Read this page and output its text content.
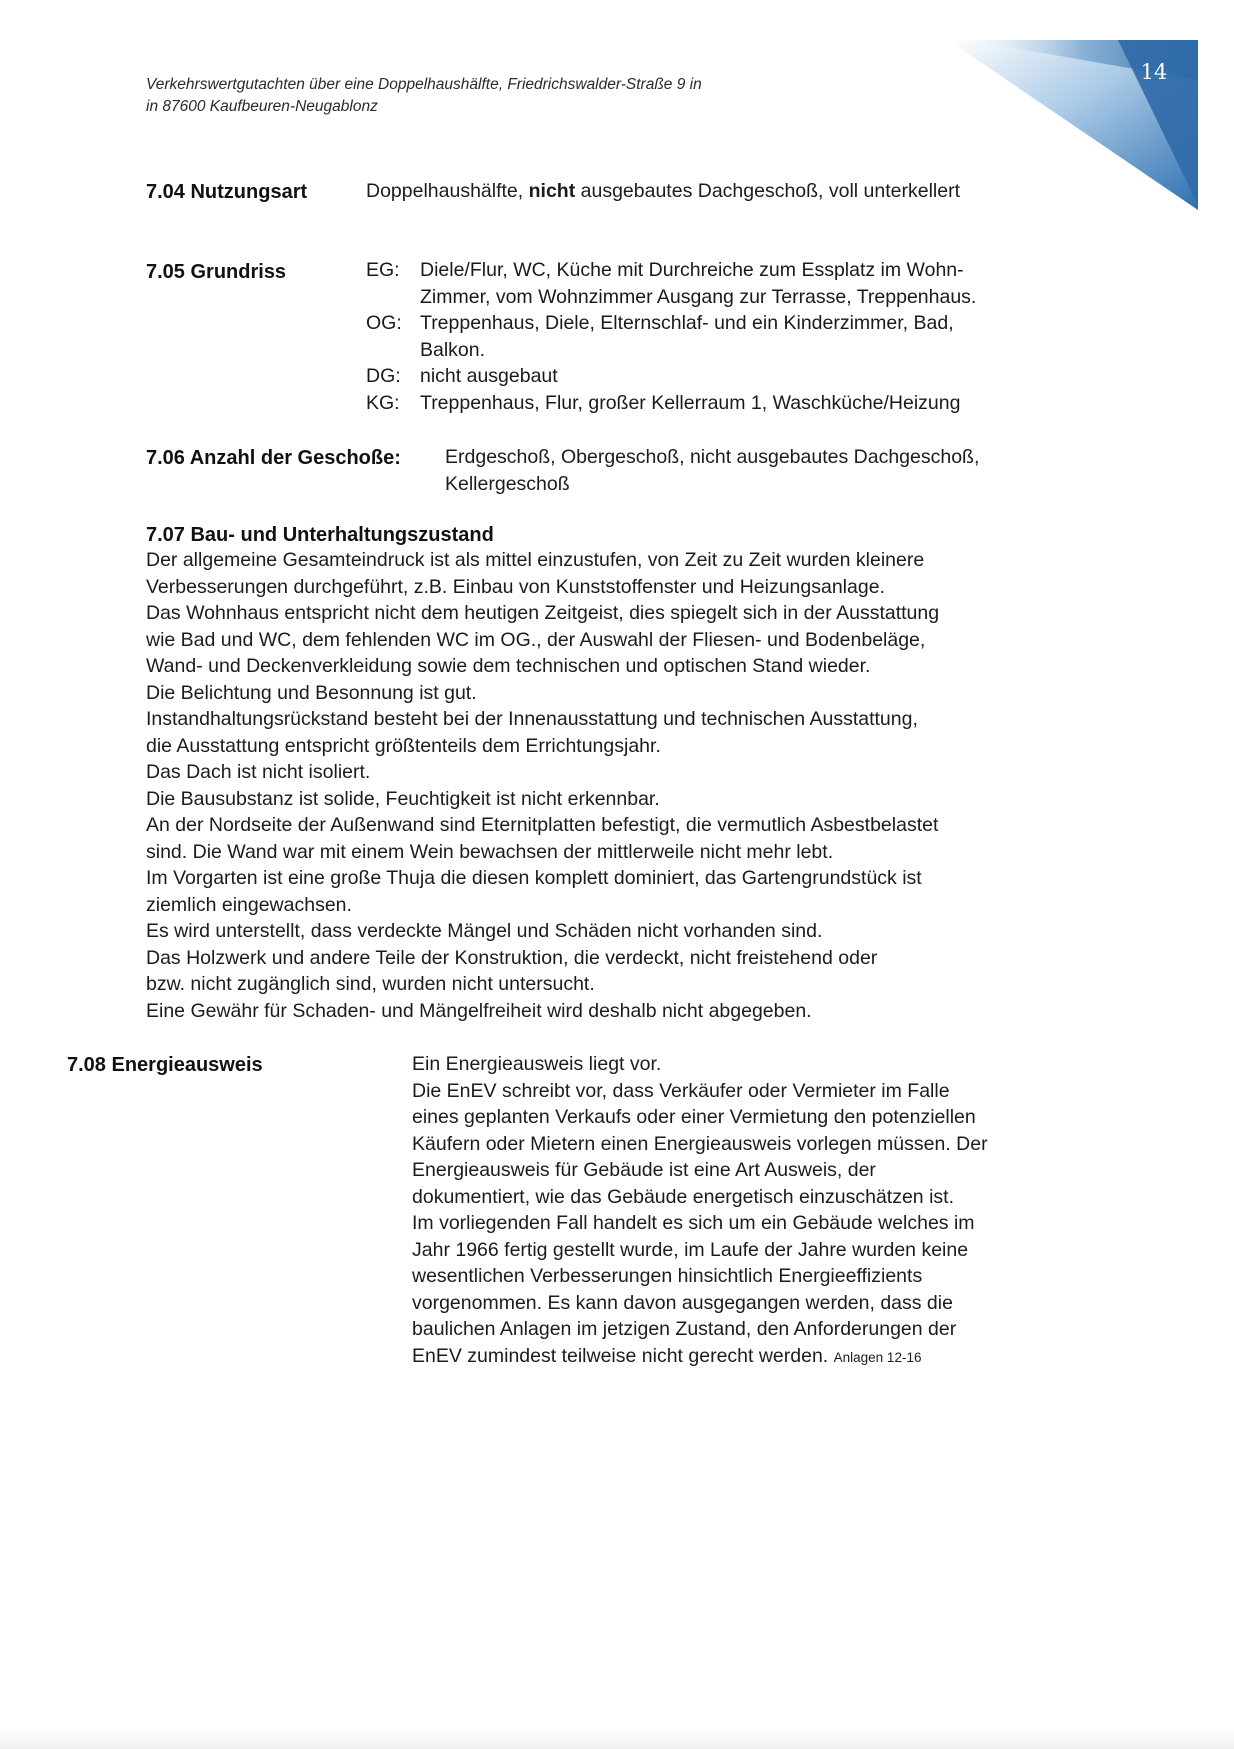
Verkehrswertgutachten über eine Doppelhaushälfte, Friedrichswalder-Straße 9 in
in 87600 Kaufbeuren-Neugablonz
14
7.04 Nutzungsart	Doppelhaushälfte, nicht ausgebautes Dachgeschoß, voll unterkellert
7.05 Grundriss	EG:	Diele/Flur, WC, Küche mit Durchreiche zum Essplatz im Wohn-
Zimmer, vom Wohnzimmer Ausgang zur Terrasse, Treppenhaus.
OG: Treppenhaus, Diele, Elternschlaf- und ein Kinderzimmer, Bad,
Balkon.
DG: nicht ausgebaut
KG:	Treppenhaus, Flur, großer Kellerraum 1, Waschküche/Heizung
7.06 Anzahl der Geschoße: Erdgeschoß, Obergeschoß, nicht ausgebautes Dachgeschoß,
Kellergeschoß
7.07 Bau- und Unterhaltungszustand
Der allgemeine Gesamteindruck ist als mittel einzustufen, von Zeit zu Zeit wurden kleinere
Verbesserungen durchgeführt, z.B. Einbau von Kunststoffenster und Heizungsanlage.
Das Wohnhaus entspricht nicht dem heutigen Zeitgeist, dies spiegelt sich in der Ausstattung
wie Bad und WC, dem fehlenden WC im OG., der Auswahl der Fliesen- und Bodenbeläge,
Wand- und Deckenverkleidung sowie dem technischen und optischen Stand wieder.
Die Belichtung und Besonnung ist gut.
Instandhaltungsrückstand besteht bei der Innenausstattung und technischen Ausstattung,
die Ausstattung entspricht größtenteils dem Errichtungsjahr.
Das Dach ist nicht isoliert.
Die Bausubstanz ist solide, Feuchtigkeit ist nicht erkennbar.
An der Nordseite der Außenwand sind Eternitplatten befestigt, die vermutlich Asbestbelastet
sind. Die Wand war mit einem Wein bewachsen der mittlerweile nicht mehr lebt.
Im Vorgarten ist eine große Thuja die diesen komplett dominiert, das Gartengrundstück ist
ziemlich eingewachsen.
Es wird unterstellt, dass verdeckte Mängel und Schäden nicht vorhanden sind.
Das Holzwerk und andere Teile der Konstruktion, die verdeckt, nicht freistehend oder
bzw. nicht zugänglich sind, wurden nicht untersucht.
Eine Gewähr für Schaden- und Mängelfreiheit wird deshalb nicht abgegeben.
7.08 Energieausweis	Ein Energieausweis liegt vor.
Die EnEV schreibt vor, dass Verkäufer oder Vermieter im Falle
eines geplanten Verkaufs oder einer Vermietung den potenziellen
Käufern oder Mietern einen Energieausweis vorlegen müssen. Der
Energieausweis für Gebäude ist eine Art Ausweis, der
dokumentiert, wie das Gebäude energetisch einzuschätzen ist.
Im vorliegenden Fall handelt es sich um ein Gebäude welches im
Jahr 1966 fertig gestellt wurde, im Laufe der Jahre wurden keine
wesentlichen Verbesserungen hinsichtlich Energieeffizients
vorgenommen. Es kann davon ausgegangen werden, dass die
baulichen Anlagen im jetzigen Zustand, den Anforderungen der
EnEV zumindest teilweise nicht gerecht werden. Anlagen 12-16
